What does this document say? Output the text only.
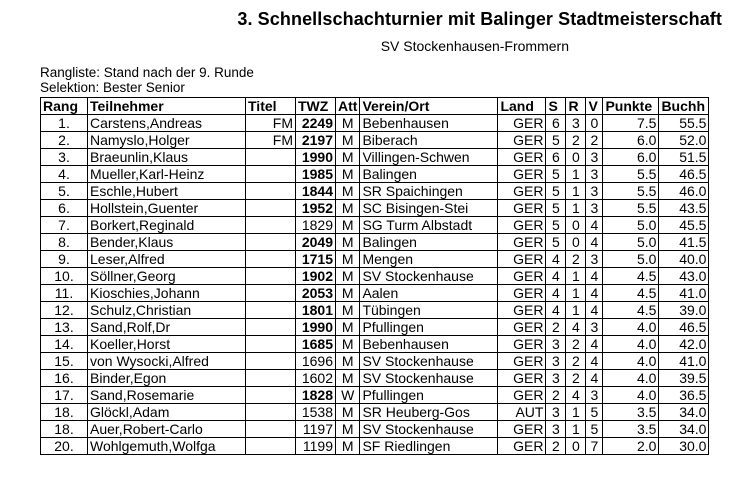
3. Schnellschachturnier mit Balinger Stadtmeisterschaft
SV Stockenhausen-Frommern
Rangliste: Stand nach der 9. Runde
Selektion: Bester Senior
Rang	Teilnehmer	Titel	TWZ	Att	Verein/Ort	Land	S	R	V	Punkte	Buchh
1.	Carstens,Andreas	FM	2249	M	Bebenhausen	GER	6	3	0	7.5	55.5
2.	Namyslo,Holger	FM	2197	M	Biberach	GER	5	2	2	6.0	52.0
3.	Braeunlin,Klaus		1990	M	Villingen-Schwen	GER	6	0	3	6.0	51.5
4.	Mueller,Karl-Heinz		1985	M	Balingen	GER	5	1	3	5.5	46.5
5.	Eschle,Hubert		1844	M	SR Spaichingen	GER	5	1	3	5.5	46.0
6.	Hollstein,Guenter		1952	M	SC Bisingen-Stei	GER	5	1	3	5.5	43.5
7.	Borkert,Reginald		1829	M	SG Turm Albstadt	GER	5	0	4	5.0	45.5
8.	Bender,Klaus		2049	M	Balingen	GER	5	0	4	5.0	41.5
9.	Leser,Alfred		1715	M	Mengen	GER	4	2	3	5.0	40.0
10.	Söllner,Georg		1902	M	SV Stockenhause	GER	4	1	4	4.5	43.0
11.	Kioschies,Johann		2053	M	Aalen	GER	4	1	4	4.5	41.0
12.	Schulz,Christian		1801	M	Tübingen	GER	4	1	4	4.5	39.0
13.	Sand,Rolf,Dr		1990	M	Pfullingen	GER	2	4	3	4.0	46.5
14.	Koeller,Horst		1685	M	Bebenhausen	GER	3	2	4	4.0	42.0
15.	von Wysocki,Alfred		1696	M	SV Stockenhause	GER	3	2	4	4.0	41.0
16.	Binder,Egon		1602	M	SV Stockenhause	GER	3	2	4	4.0	39.5
17.	Sand,Rosemarie		1828	W	Pfullingen	GER	2	4	3	4.0	36.5
18.	Glöckl,Adam		1538	M	SR Heuberg-Gos	AUT	3	1	5	3.5	34.0
18.	Auer,Robert-Carlo		1197	M	SV Stockenhause	GER	3	1	5	3.5	34.0
20.	Wohlgemuth,Wolfga		1199	M	SF Riedlingen	GER	2	0	7	2.0	30.0
